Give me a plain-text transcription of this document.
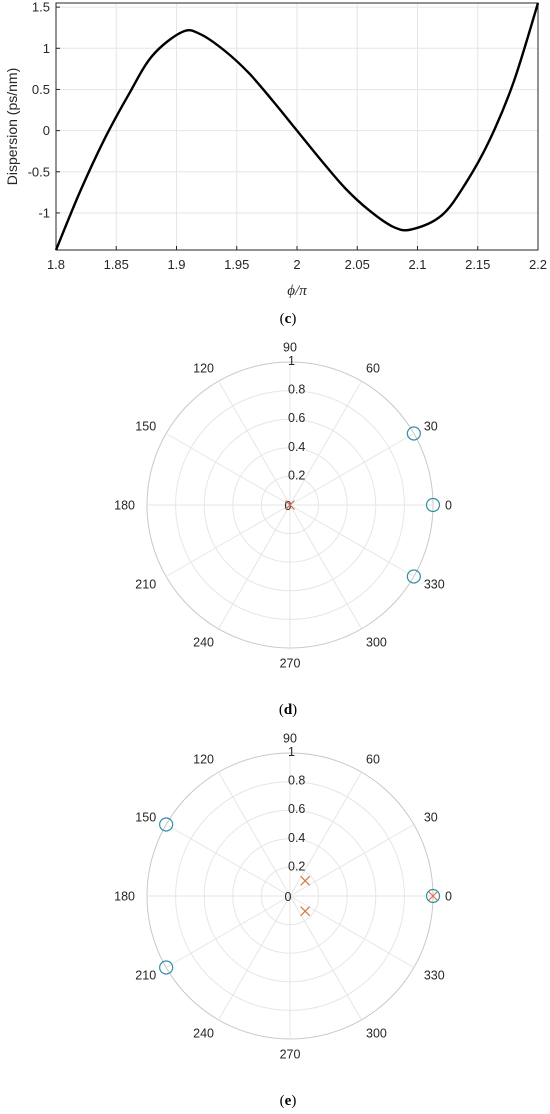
1.8	1.85	1.9	1.95	2	2.05	2.1	2.15	2.2
-1
-0.5
0
0.5
1
1.5
ϕ/π
Dispersion (ps/nm)
(c)
0
30
60
90
120
150
180
210
240
270
300
330
0.2
0.4
0.6
0.8
1
0
(d)
0
30
60
90
120
150
180
210
240
270
300
330
0.2
0.4
0.6
0.8
1
0
(e)
